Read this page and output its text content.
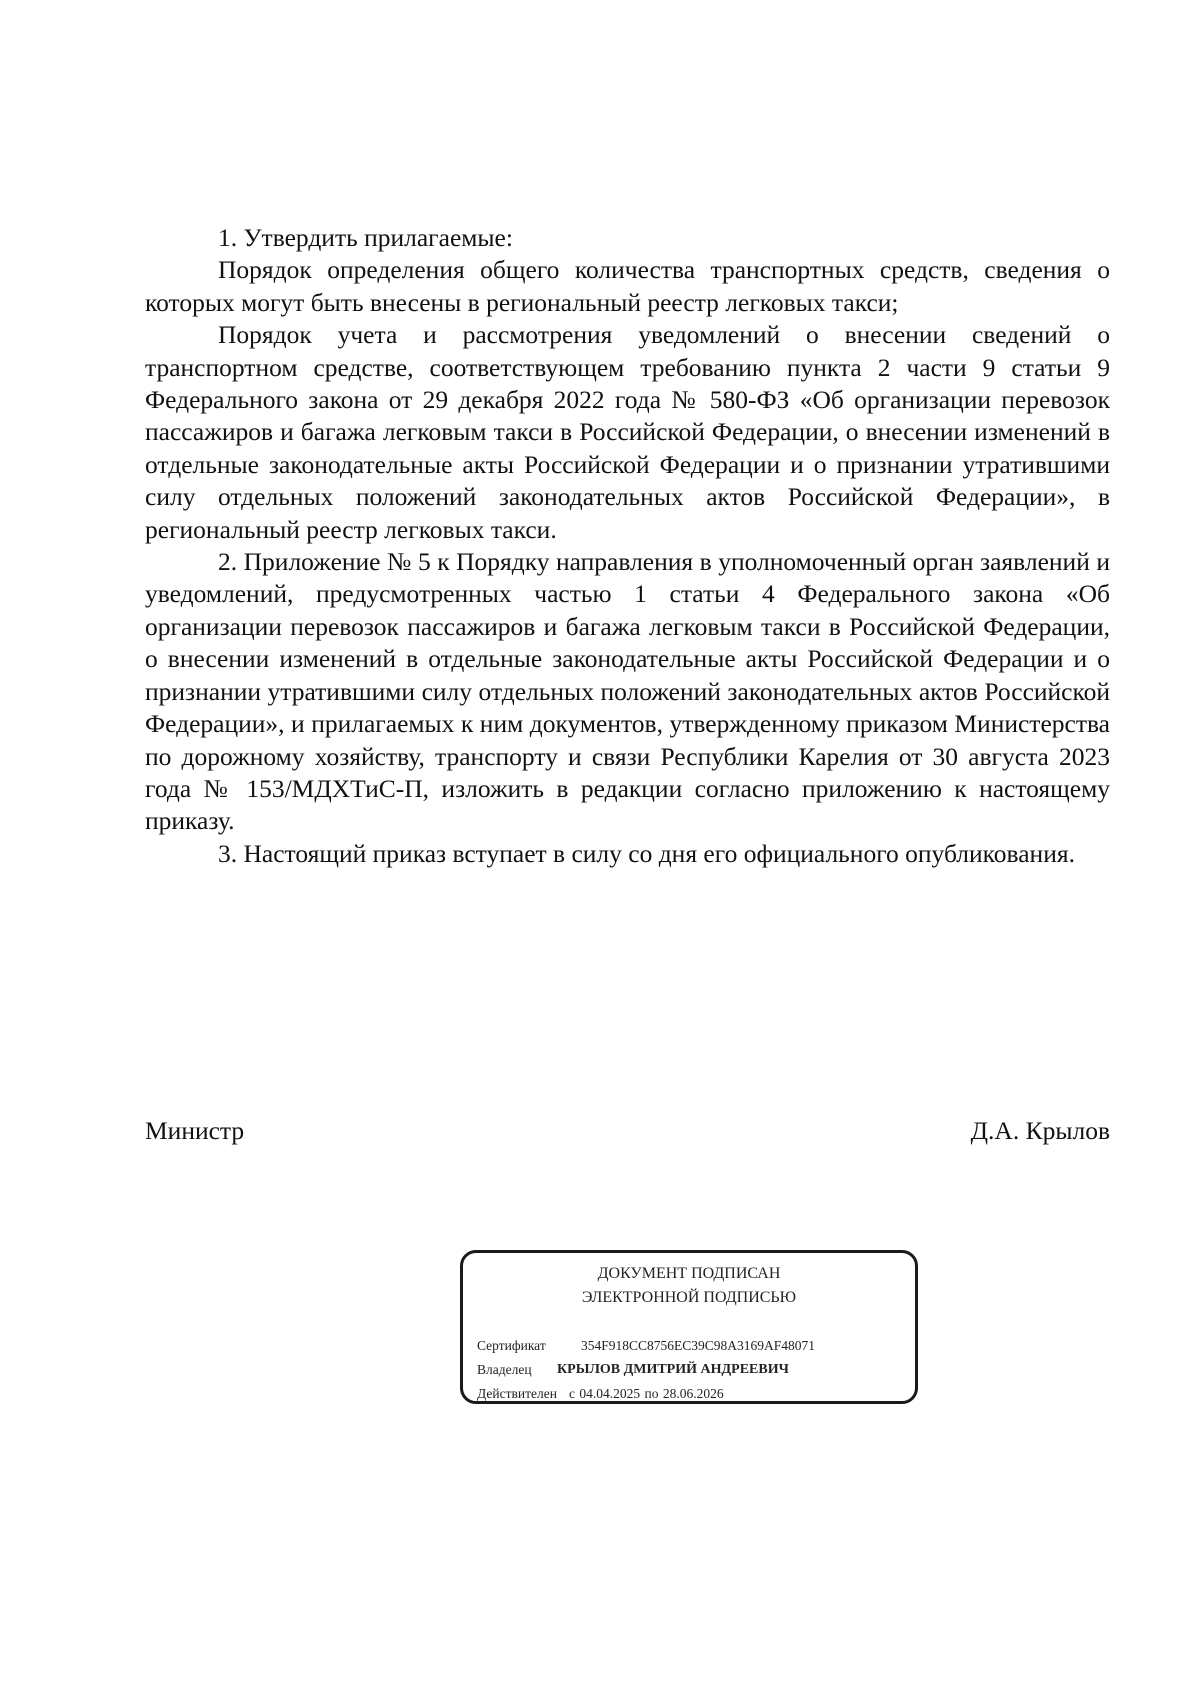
1. Утвердить прилагаемые:

Порядок определения общего количества транспортных средств, сведения о которых могут быть внесены в региональный реестр легковых такси;

Порядок учета и рассмотрения уведомлений о внесении сведений о транспортном средстве, соответствующем требованию пункта 2 части 9 статьи 9 Федерального закона от 29 декабря 2022 года № 580-ФЗ «Об организации перевозок пассажиров и багажа легковым такси в Российской Федерации, о внесении изменений в отдельные законодательные акты Российской Федерации и о признании утратившими силу отдельных положений законодательных актов Российской Федерации», в региональный реестр легковых такси.

2. Приложение № 5 к Порядку направления в уполномоченный орган заявлений и уведомлений, предусмотренных частью 1 статьи 4 Федерального закона «Об организации перевозок пассажиров и багажа легковым такси в Российской Федерации, о внесении изменений в отдельные законодательные акты Российской Федерации и о признании утратившими силу отдельных положений законодательных актов Российской Федерации», и прилагаемых к ним документов, утвержденному приказом Министерства по дорожному хозяйству, транспорту и связи Республики Карелия от 30 августа 2023 года № 153/МДХТиС-П, изложить в редакции согласно приложению к настоящему приказу.

3. Настоящий приказ вступает в силу со дня его официального опубликования.

Министр	Д.А. Крылов
ДОКУМЕНТ ПОДПИСАН
ЭЛЕКТРОННОЙ ПОДПИСЬЮ
Сертификат	354F918CC8756EC39C98A3169AF48071
Владелец	КРЫЛОВ ДМИТРИЙ АНДРЕЕВИЧ
Действителен с 04.04.2025 по 28.06.2026
